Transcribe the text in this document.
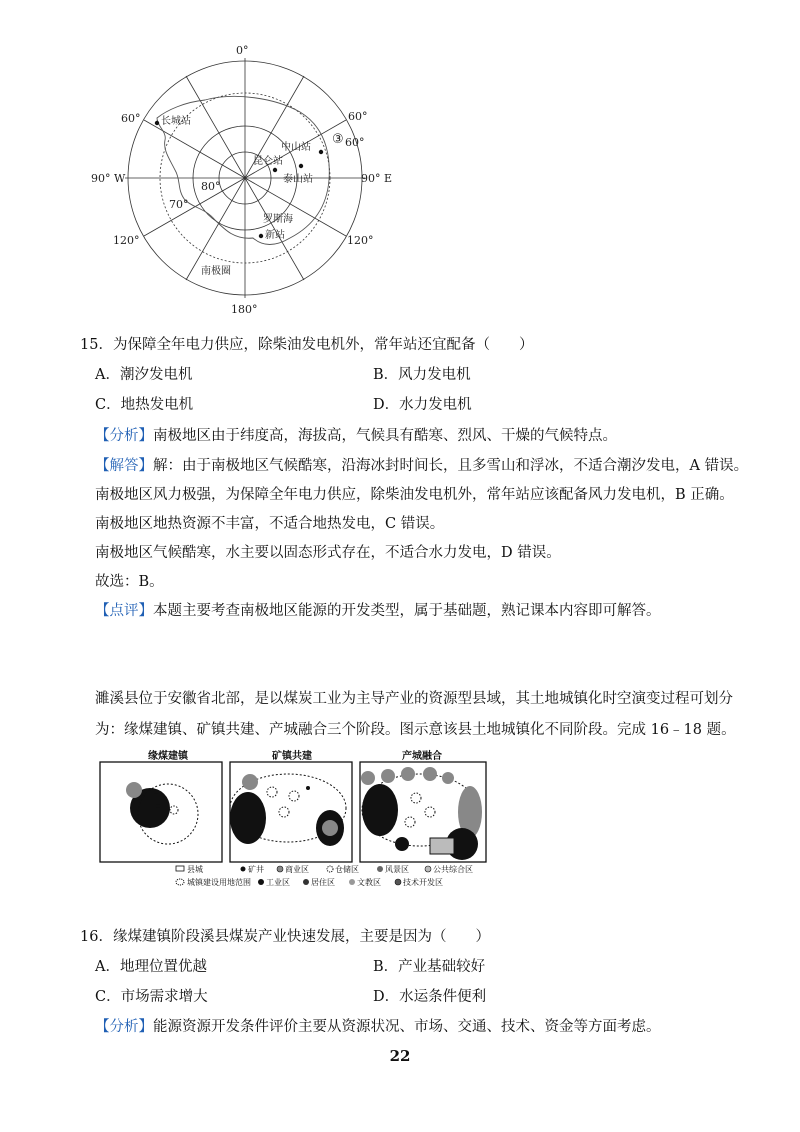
0°
180°
90° W	90° E
60°	60°
60°
120°	120°
80°
70°
长城站
昆仑站
中山站
泰山站
罗斯海
新站
③
南极圈
15．为保障全年电力供应，除柴油发电机外，常年站还宜配备（　　）
A．潮汐发电机	B．风力发电机
C．地热发电机	D．水力发电机
【分析】南极地区由于纬度高，海拔高，气候具有酷寒、烈风、干燥的气候特点。
【解答】解：由于南极地区气候酷寒，沿海冰封时间长，且多雪山和浮冰，不适合潮汐发电，A 错误。
南极地区风力极强，为保障全年电力供应，除柴油发电机外，常年站应该配备风力发电机，B 正确。
南极地区地热资源不丰富，不适合地热发电，C 错误。
南极地区气候酷寒，水主要以固态形式存在，不适合水力发电，D 错误。
故选：B。
【点评】本题主要考查南极地区能源的开发类型，属于基础题，熟记课本内容即可解答。
濉溪县位于安徽省北部，是以煤炭工业为主导产业的资源型县域，其土地城镇化时空演变过程可划分
为：缘煤建镇、矿镇共建、产城融合三个阶段。图示意该县土地城镇化不同阶段。完成 16﹣18 题。
缘煤建镇	矿镇共建	产城融合
县城	矿井	商业区	仓储区	风景区	公共综合区
城镇建设用地范围 工业区	居住区	文教区	技术开发区
16．缘煤建镇阶段溪县煤炭产业快速发展，主要是因为（　　）
A．地理位置优越	B．产业基础较好
C．市场需求增大	D．水运条件便利
【分析】能源资源开发条件评价主要从资源状况、市场、交通、技术、资金等方面考虑。
22
